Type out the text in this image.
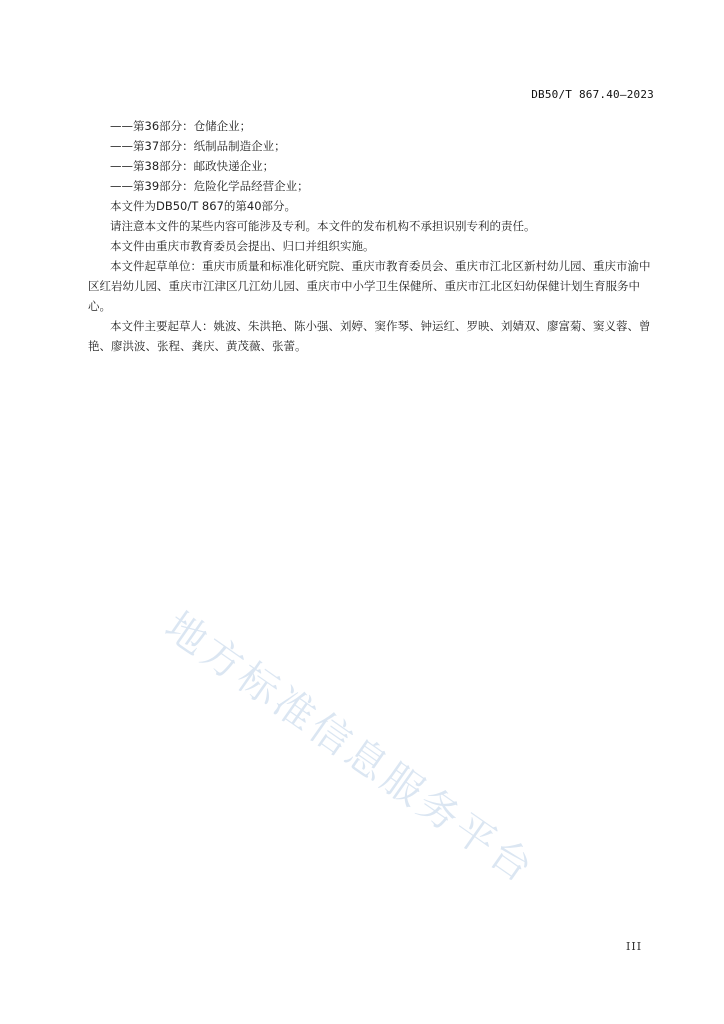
DB50/T 867.40—2023
——第36部分：仓储企业；
——第37部分：纸制品制造企业；
——第38部分：邮政快递企业；
——第39部分：危险化学品经营企业；
本文件为DB50/T 867的第40部分。
请注意本文件的某些内容可能涉及专利。本文件的发布机构不承担识别专利的责任。
本文件由重庆市教育委员会提出、归口并组织实施。
本文件起草单位：重庆市质量和标准化研究院、重庆市教育委员会、重庆市江北区新村幼儿园、重庆市渝中区红岩幼儿园、重庆市江津区几江幼儿园、重庆市中小学卫生保健所、重庆市江北区妇幼保健计划生育服务中心。
本文件主要起草人：姚波、朱洪艳、陈小强、刘婷、窦作琴、钟运红、罗映、刘婧双、廖富菊、窦义蓉、曾艳、廖洪波、张程、龚庆、黄茂薇、张蕾。
地方标准信息服务平台
III
